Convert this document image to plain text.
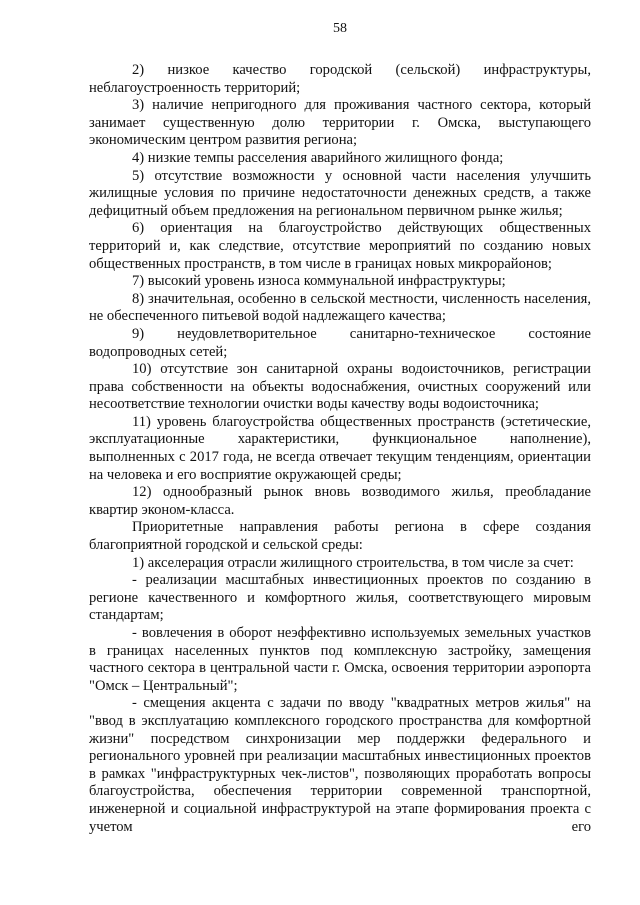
58

2) низкое качество городской (сельской) инфраструктуры, неблагоустроенность территорий;

3) наличие непригодного для проживания частного сектора, который занимает существенную долю территории г. Омска, выступающего экономическим центром развития региона;

4) низкие темпы расселения аварийного жилищного фонда;

5) отсутствие возможности у основной части населения улучшить жилищные условия по причине недостаточности денежных средств, а также дефицитный объем предложения на региональном первичном рынке жилья;

6) ориентация на благоустройство действующих общественных территорий и, как следствие, отсутствие мероприятий по созданию новых общественных пространств, в том числе в границах новых микрорайонов;

7) высокий уровень износа коммунальной инфраструктуры;

8) значительная, особенно в сельской местности, численность населения, не обеспеченного питьевой водой надлежащего качества;

9) неудовлетворительное санитарно-техническое состояние водопроводных сетей;

10) отсутствие зон санитарной охраны водоисточников, регистрации права собственности на объекты водоснабжения, очистных сооружений или несоответствие технологии очистки воды качеству воды водоисточника;

11) уровень благоустройства общественных пространств (эстетические, эксплуатационные характеристики, функциональное наполнение), выполненных с 2017 года, не всегда отвечает текущим тенденциям, ориентации на человека и его восприятие окружающей среды;

12) однообразный рынок вновь возводимого жилья, преобладание квартир эконом-класса.

Приоритетные направления работы региона в сфере создания благоприятной городской и сельской среды:

1) акселерация отрасли жилищного строительства, в том числе за счет:

- реализации масштабных инвестиционных проектов по созданию в регионе качественного и комфортного жилья, соответствующего мировым стандартам;

- вовлечения в оборот неэффективно используемых земельных участков в границах населенных пунктов под комплексную застройку, замещения частного сектора в центральной части г. Омска, освоения территории аэропорта "Омск – Центральный";

- смещения акцента с задачи по вводу "квадратных метров жилья" на "ввод в эксплуатацию комплексного городского пространства для комфортной жизни" посредством синхронизации мер поддержки федерального и регионального уровней при реализации масштабных инвестиционных проектов в рамках "инфраструктурных чек-листов", позволяющих проработать вопросы благоустройства, обеспечения территории современной транспортной, инженерной и социальной инфраструктурой на этапе формирования проекта с учетом его
